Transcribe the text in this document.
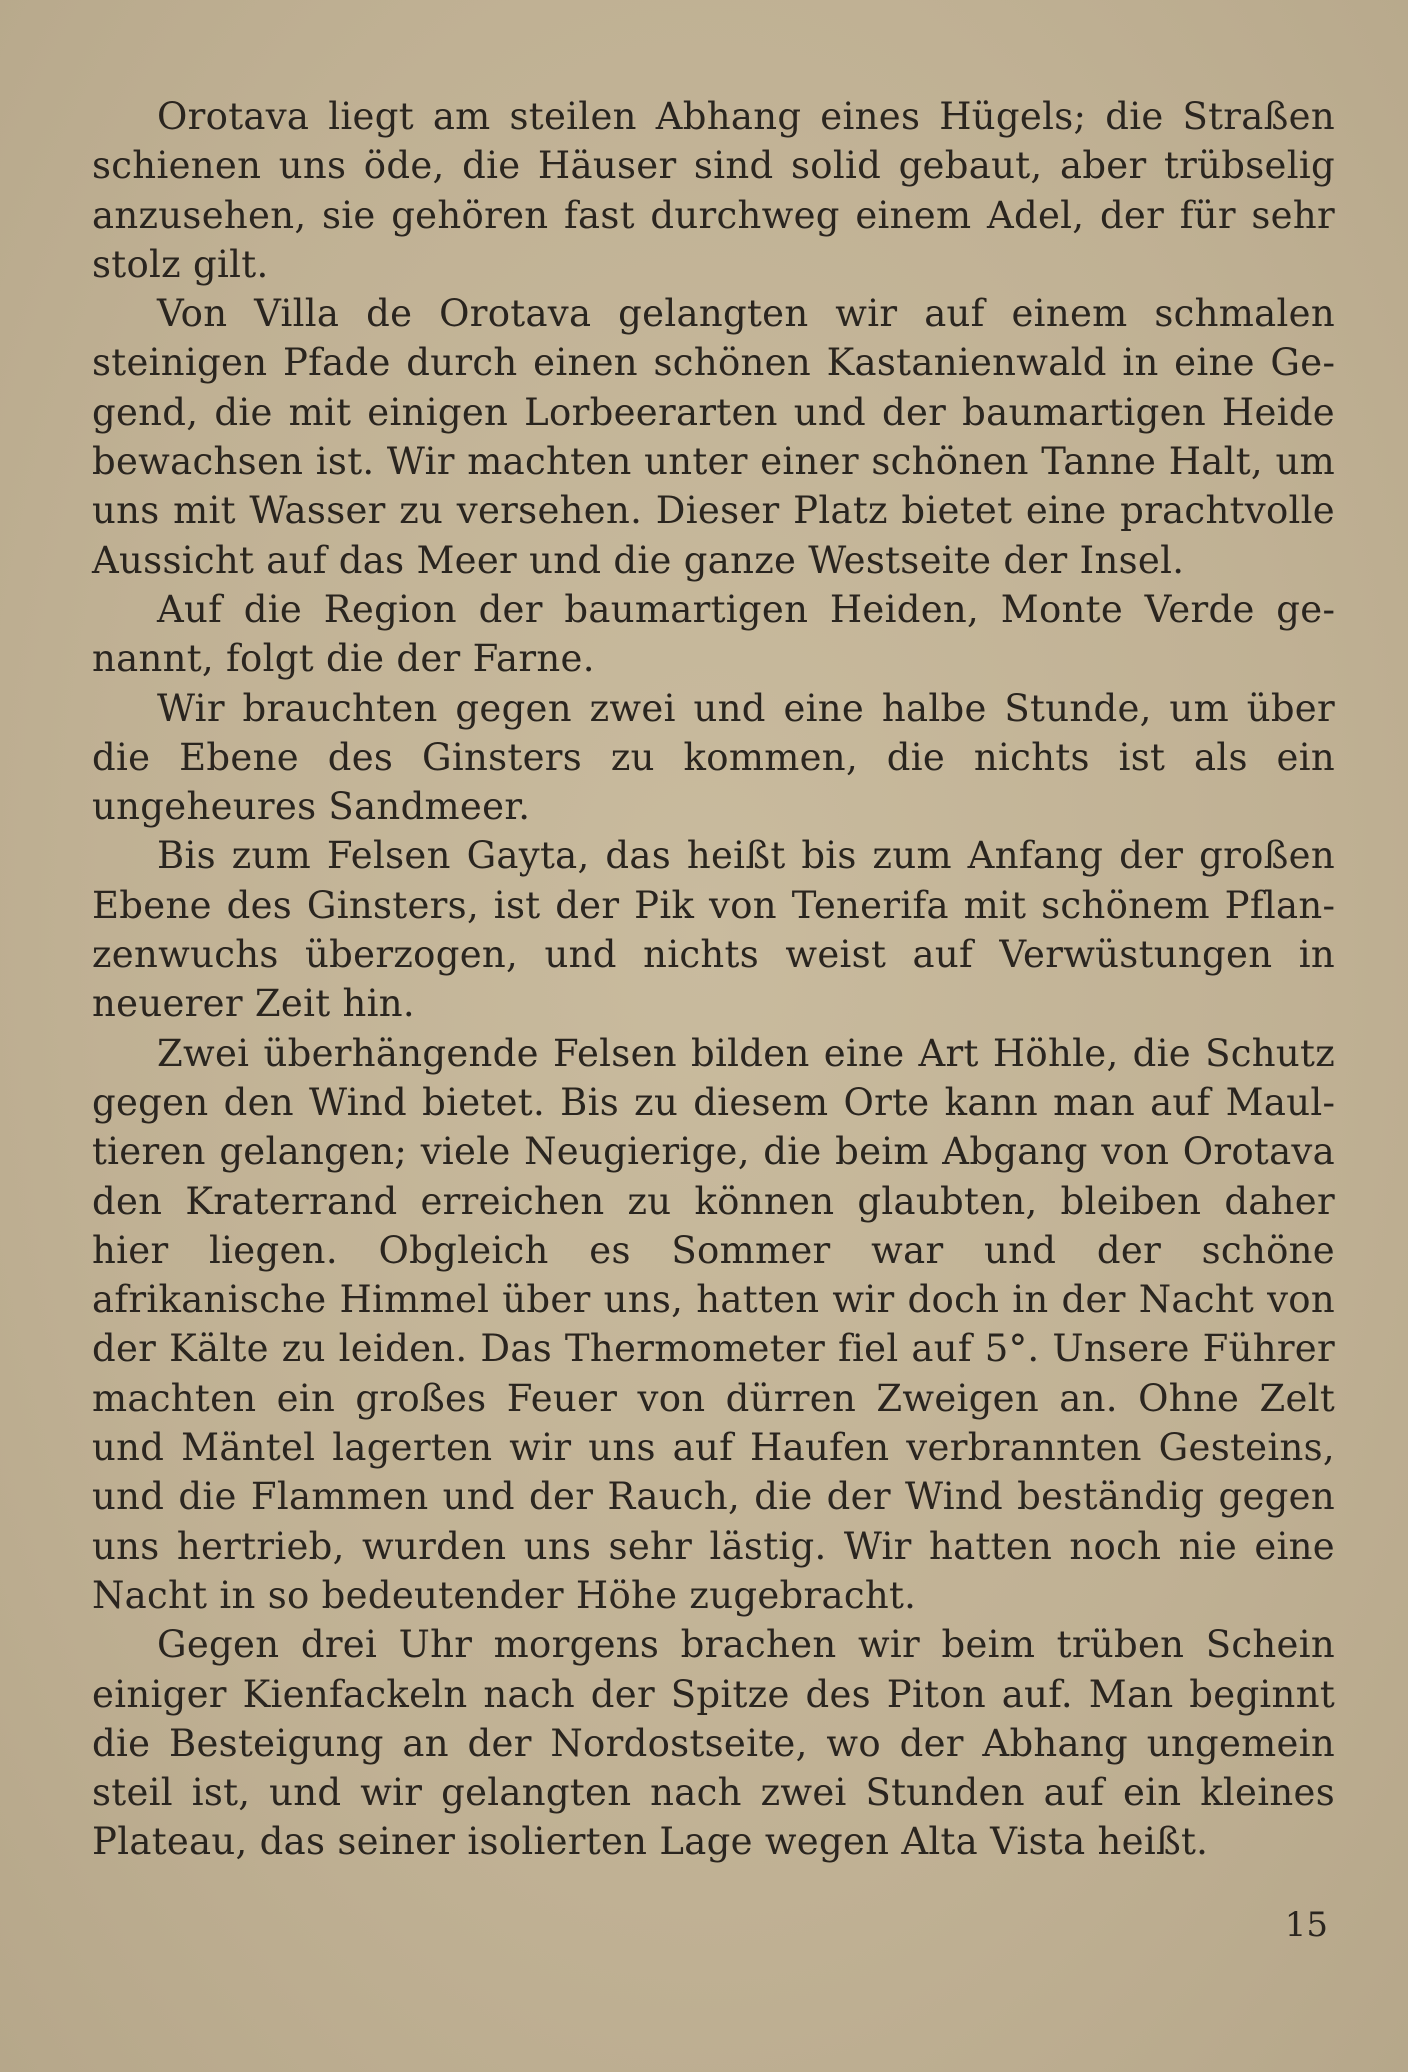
Orotava liegt am steilen Abhang eines Hügels; die Straßen schienen uns öde, die Häuser sind solid gebaut, aber trübselig anzusehen, sie gehören fast durchweg einem Adel, der für sehr stolz gilt.

Von Villa de Orotava gelangten wir auf einem schmalen steinigen Pfade durch einen schönen Kastanienwald in eine Gegend, die mit einigen Lorbeerarten und der baumartigen Heide bewachsen ist. Wir machten unter einer schönen Tanne Halt, um uns mit Wasser zu versehen. Dieser Platz bietet eine prachtvolle Aussicht auf das Meer und die ganze Westseite der Insel.

Auf die Region der baumartigen Heiden, Monte Verde genannt, folgt die der Farne.

Wir brauchten gegen zwei und eine halbe Stunde, um über die Ebene des Ginsters zu kommen, die nichts ist als ein ungeheures Sandmeer.

Bis zum Felsen Gayta, das heißt bis zum Anfang der großen Ebene des Ginsters, ist der Pik von Tenerifa mit schönem Pflanzenwuchs überzogen, und nichts weist auf Verwüstungen in neuerer Zeit hin.

Zwei überhängende Felsen bilden eine Art Höhle, die Schutz gegen den Wind bietet. Bis zu diesem Orte kann man auf Maultieren gelangen; viele Neugierige, die beim Abgang von Orotava den Kraterrand erreichen zu können glaubten, bleiben daher hier liegen. Obgleich es Sommer war und der schöne afrikanische Himmel über uns, hatten wir doch in der Nacht von der Kälte zu leiden. Das Thermometer fiel auf 5°. Unsere Führer machten ein großes Feuer von dürren Zweigen an. Ohne Zelt und Mäntel lagerten wir uns auf Haufen verbrannten Gesteins, und die Flammen und der Rauch, die der Wind beständig gegen uns hertrieb, wurden uns sehr lästig. Wir hatten noch nie eine Nacht in so bedeutender Höhe zugebracht.

Gegen drei Uhr morgens brachen wir beim trüben Schein einiger Kienfackeln nach der Spitze des Piton auf. Man beginnt die Besteigung an der Nordostseite, wo der Abhang ungemein steil ist, und wir gelangten nach zwei Stunden auf ein kleines Plateau, das seiner isolierten Lage wegen Alta Vista heißt.

15
